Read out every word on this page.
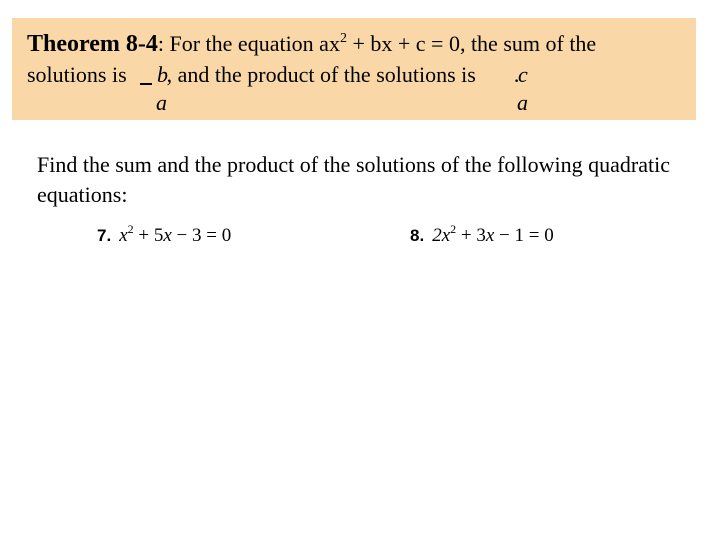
Theorem 8-4: For the equation $ax^2$ + bx + c = 0, the sum of the
solutions is , and the product of the solutions is .
b
a
c
a
Find the sum and the product of the solutions of the following quadratic equations:
7. $x^2 + 5x - 3 = 0$	8. $2x^2 + 3x - 1 = 0$
